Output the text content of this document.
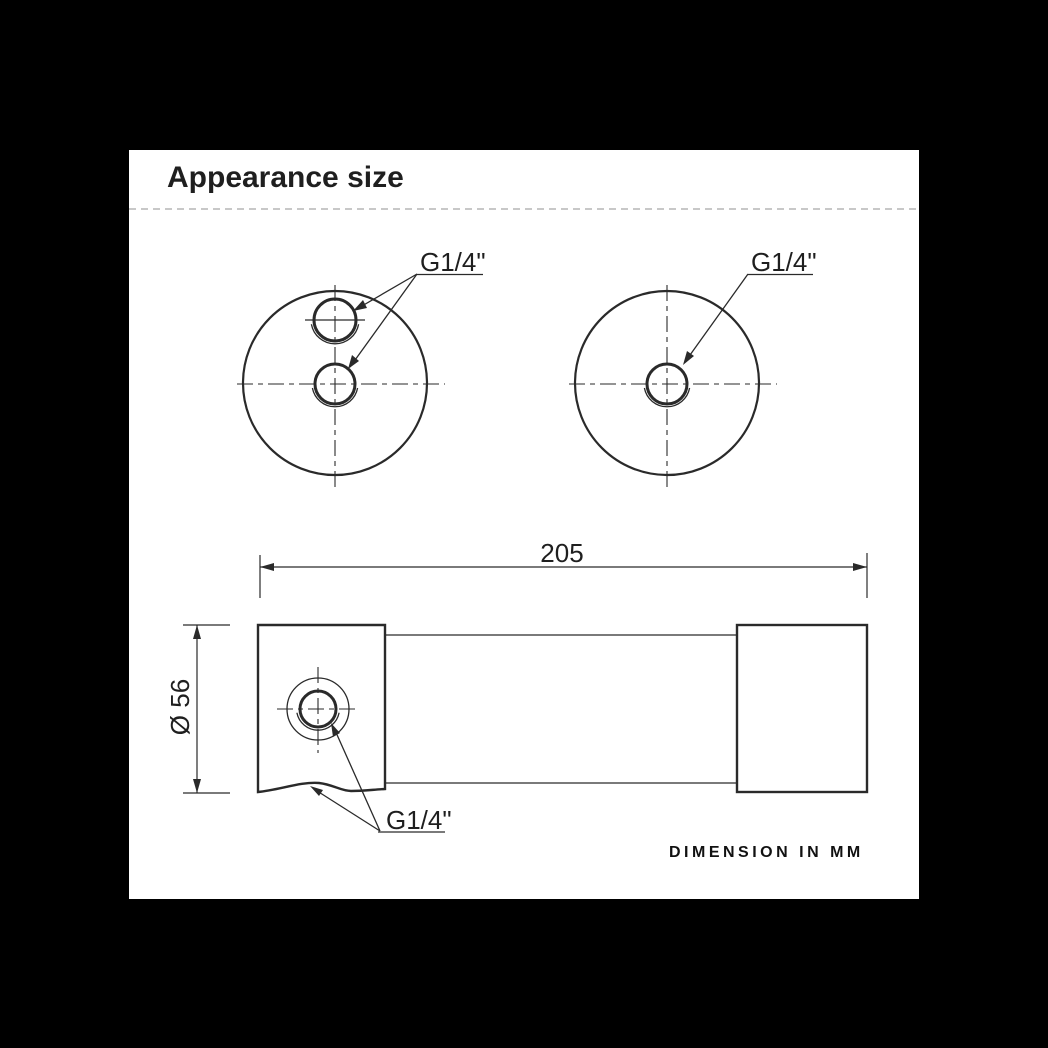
Appearance size
DIMENSION IN MM
G1/4"	G1/4"
205
Ø 56
G1/4"
